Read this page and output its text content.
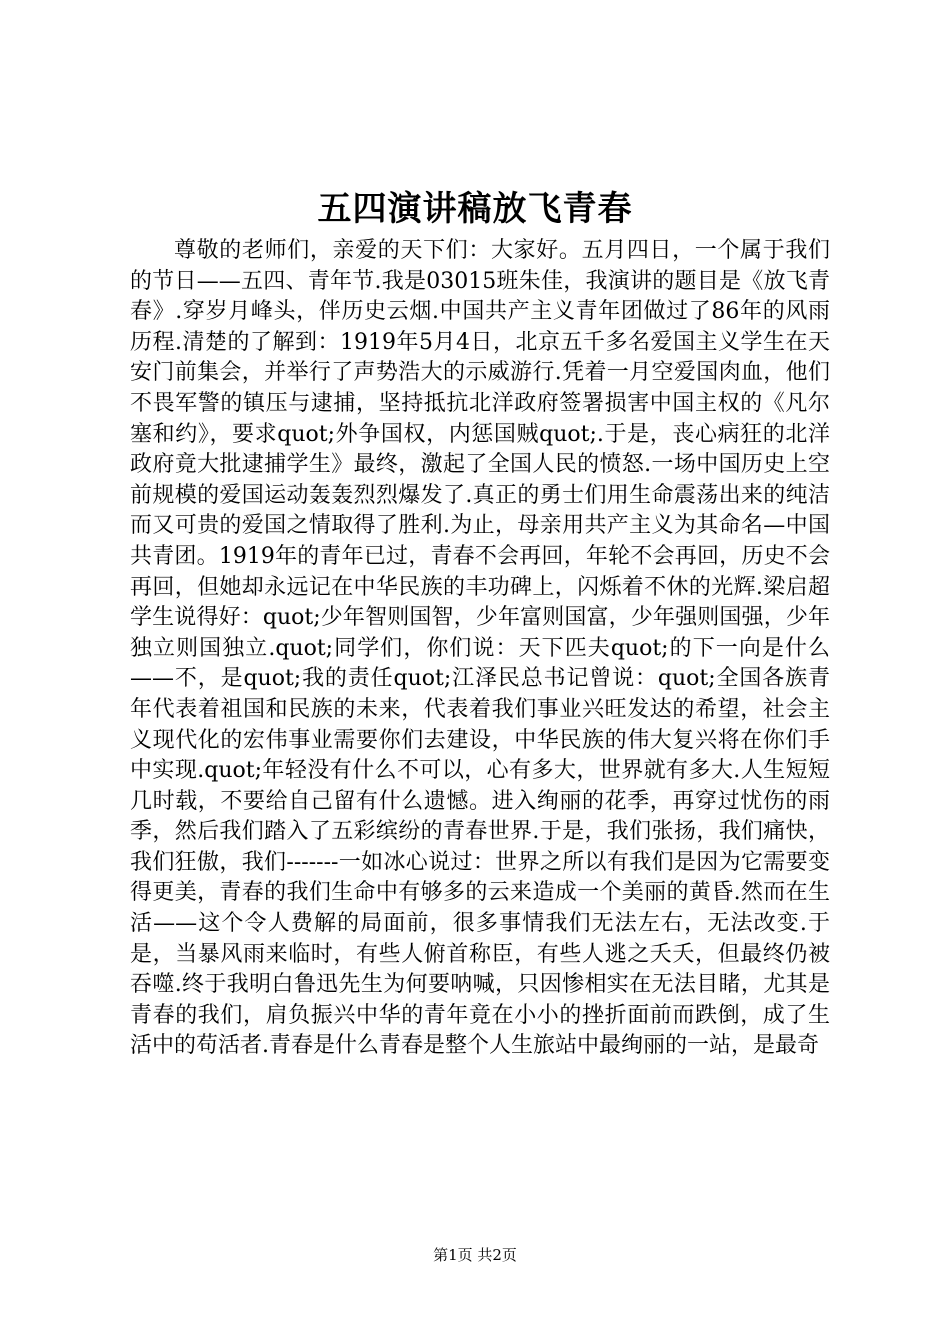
五四演讲稿放飞青春

尊敬的老师们，亲爱的天下们：大家好。五月四日，一个属于我们的节日——五四、青年节.我是03015班朱佳，我演讲的题目是《放飞青春》.穿岁月峰头，伴历史云烟.中国共产主义青年团做过了86年的风雨历程.清楚的了解到：1919年5月4日，北京五千多名爱国主义学生在天安门前集会，并举行了声势浩大的示威游行.凭着一月空爱国肉血，他们不畏军警的镇压与逮捕，坚持抵抗北洋政府签署损害中国主权的《凡尔塞和约》，要求quot;外争国权，内惩国贼quot;.于是，丧心病狂的北洋政府竟大批逮捕学生》最终，激起了全国人民的愤怒.一场中国历史上空前规模的爱国运动轰轰烈烈爆发了.真正的勇士们用生命震荡出来的纯洁而又可贵的爱国之情取得了胜利.为止，母亲用共产主义为其命名—中国共青团。1919年的青年已过，青春不会再回，年轮不会再回，历史不会再回，但她却永远记在中华民族的丰功碑上，闪烁着不休的光辉.梁启超学生说得好：quot;少年智则国智，少年富则国富，少年强则国强，少年独立则国独立.quot;同学们，你们说：天下匹夫quot;的下一向是什么——不，是quot;我的责任quot;江泽民总书记曾说：quot;全国各族青年代表着祖国和民族的未来，代表着我们事业兴旺发达的希望，社会主义现代化的宏伟事业需要你们去建设，中华民族的伟大复兴将在你们手中实现.quot;年轻没有什么不可以，心有多大，世界就有多大.人生短短几时载，不要给自己留有什么遗憾。进入绚丽的花季，再穿过忧伤的雨季，然后我们踏入了五彩缤纷的青春世界.于是，我们张扬，我们痛快，我们狂傲，我们-------一如冰心说过：世界之所以有我们是因为它需要变得更美，青春的我们生命中有够多的云来造成一个美丽的黄昏.然而在生活——这个令人费解的局面前，很多事情我们无法左右，无法改变.于是，当暴风雨来临时，有些人俯首称臣，有些人逃之夭夭，但最终仍被吞噬.终于我明白鲁迅先生为何要呐喊，只因惨相实在无法目睹，尤其是青春的我们，肩负振兴中华的青年竟在小小的挫折面前而跌倒，成了生活中的苟活者.青春是什么青春是整个人生旅站中最绚丽的一站，是最奇

第1页 共2页
